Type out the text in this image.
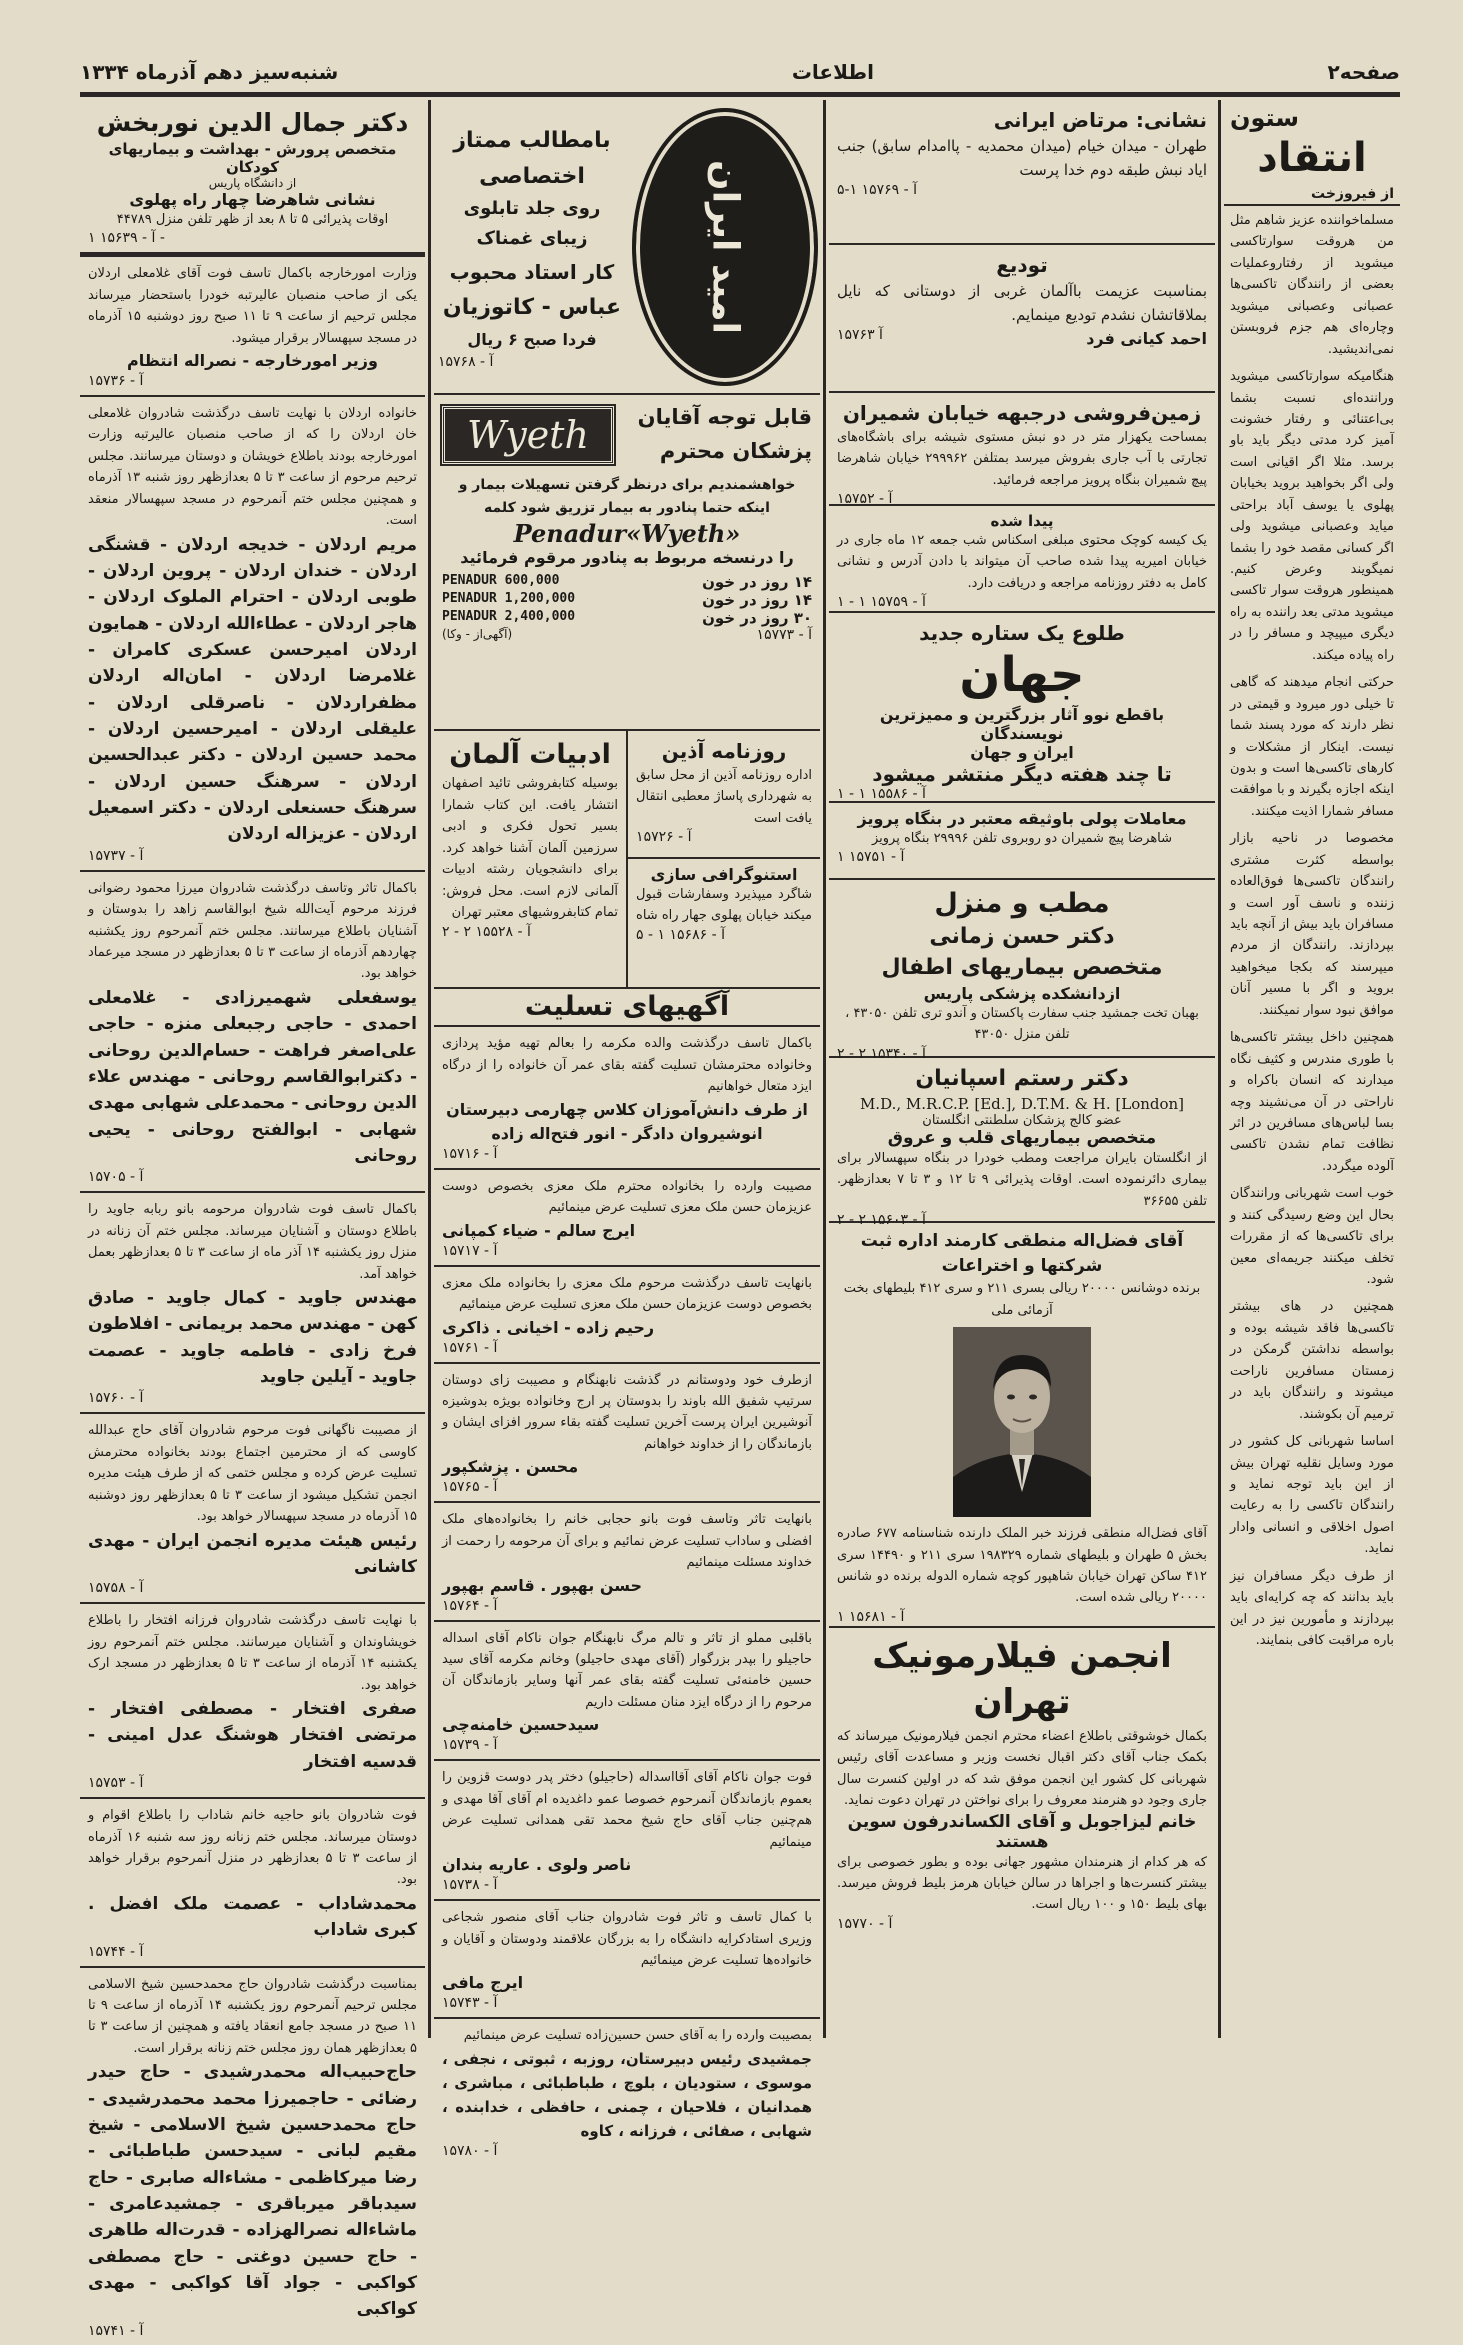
صفحه۲
اطلاعات
شنبه‌سیز دهم آذرماه ۱۳۳۴
ستون
انتقاد
از فیروزخت

مسلماخواننده عزیز شاهم مثل من هروقت سوارتاکسی میشوید از رفتاروعملیات بعضی از رانندگان تاکسی‌ها عصبانی وعصبانی میشوید وچاره‌ای هم جزم فروبستن نمی‌اندیشید.

هنگامیکه سوارتاکسی میشوید وراننده‌ای نسبت بشما بی‌اعتنائی و رفتار خشونت آمیز کرد مدتی دیگر باید باو برسد. مثلا اگر اقیانی است ولی اگر بخواهید بروید بخیابان پهلوی یا یوسف آباد براحتی میاید وعصبانی میشوید ولی اگر کسانی مقصد خود را بشما نمیگویند وعرض کنیم. همینطور هروقت سوار تاکسی میشوید مدتی بعد راننده به راه دیگری میپیچد و مسافر را در راه پیاده میکند.

حرکتی انجام میدهند که گاهی تا خیلی دور میرود و قیمتی در نظر دارند که مورد پسند شما نیست. اینکار از مشکلات و کارهای تاکسی‌ها است و بدون اینکه اجازه بگیرند و با موافقت مسافر شمارا اذیت میکنند.

مخصوصا در ناحیه بازار بواسطه کثرت مشتری رانندگان تاکسی‌ها فوق‌العاده زننده و ناسف آور است و مسافران باید بیش از آنچه باید بپردازند. رانندگان از مردم میپرسند که بکجا میخواهید بروید و اگر با مسیر آنان موافق نبود سوار نمیکنند.

همچنین داخل بیشتر تاکسی‌ها با طوری مندرس و کثیف نگاه میدارند که انسان باکراه و ناراحتی در آن می‌نشیند وچه بسا لباس‌های مسافرین در اثر نظافت تمام نشدن تاکسی آلوده میگردد.

خوب است شهربانی ورانندگان بحال این وضع رسیدگی کنند و برای تاکسی‌ها که از مقررات تخلف میکنند جریمه‌ای معین شود.

همچنین در های بیشتر تاکسی‌ها فاقد شیشه بوده و بواسطه نداشتن گرمکن در زمستان مسافرین ناراحت میشوند و رانندگان باید در ترمیم آن بکوشند.

اساسا شهربانی کل کشور در مورد وسایل نقلیه تهران بیش از این باید توجه نماید و رانندگان تاکسی را به رعایت اصول اخلاقی و انسانی وادار نماید.

از طرف دیگر مسافران نیز باید بدانند که چه کرایه‌ای باید بپردازند و مأمورین نیز در این باره مراقبت کافی بنمایند.

نشانی: مرتاض ایرانی
طهران - میدان خیام (میدان محمدیه - پاامدام سابق) جنب ایاد نبش طبقه دوم خدا پرست
آ - ۱۵۷۶۹ ۱-۵
تودیع
بمناسبت عزیمت باآلمان غربی از دوستانی که نایل بملاقاتشان نشدم تودیع مینمایم.
احمد کیانی فرد
آ ۱۵۷۶۳
زمین‌فروشی درجبهه خیابان شمیران
بمساحت یکهزار متر در دو نبش مستوی شیشه برای باشگاه‌های تجارتی با آب جاری بفروش میرسد بمتلفن ۲۹۹۹۶۲ خیابان شاهرضا پیچ شمیران بنگاه پرویز مراجعه فرمائید.
آ - ۱۵۷۵۲
پیدا شده
یک کیسه کوچک محتوی مبلغی اسکناس شب جمعه ۱۲ ماه جاری در خیابان امیریه پیدا شده صاحب آن میتواند با دادن آدرس و نشانی کامل به دفتر روزنامه مراجعه و دریافت دارد.
آ - ۱۵۷۵۹ ۱ - ۱
طلوع یک ستاره جدید
جهان
باقطع نوو آثار بزرگترین و ممیزترین نویسندگان
ایران و جهان
تا چند هفته دیگر منتشر میشود
آ - ۱۵۵۸۶ ۱ - ۱
معاملات پولی باوثیقه معتبر در بنگاه پرویز
شاهرضا پیچ شمیران دو روبروی تلفن ۲۹۹۹۶ بنگاه پرویز
آ - ۱۵۷۵۱ ۱
مطب و منزل
دکتر حسن زمانی
متخصص بیماریهای اطفال
ازدانشکده پزشکی پاریس
بهبان تخت جمشید جنب سفارت پاکستان و آندو تری تلفن ۴۳۰۵۰ ، تلفن منزل ۴۳۰۵۰
آ - ۱۵۳۴۰ ۲ - ۲
دکتر رستم اسپانیان
M.D., M.R.C.P. [Ed.], D.T.M. & H. [London]
عضو کالج پزشکان سلطنتی انگلستان
متخصص بیماریهای قلب و عروق
از انگلستان بایران مراجعت ومطب خودرا در بنگاه سپهسالار برای بیماری دائرنموده است. اوقات پذیرائی ۹ تا ۱۲ و ۳ تا ۷ بعدازظهر. تلفن ۳۶۶۵۵
آ - ۱۵۶۰۳ ۲ - ۲
آقای فضل‌اله منطقی کارمند اداره ثبت شرکتها و اختراعات
برنده دوشانس ۲۰۰۰۰ ریالی بسری ۲۱۱ و سری ۴۱۲ بلیطهای بخت آزمائی ملی
آقای فضل‌اله منطقی فرزند خبر الملک دارنده شناسنامه ۶۷۷ صادره بخش ۵ طهران و بلیطهای شماره ۱۹۸۳۲۹ سری ۲۱۱ و ۱۴۴۹۰ سری ۴۱۲ ساکن تهران خیابان شاهپور کوچه شماره الدوله برنده دو شانس ۲۰۰۰۰ ریالی شده است.
آ - ۱۵۶۸۱ ۱
انجمن فیلارمونیک تهران
بکمال خوشوقتی باطلاع اعضاء محترم انجمن فیلارمونیک میرساند که بکمک جناب آقای دکتر اقبال نخست وزیر و مساعدت آقای رئیس شهربانی کل کشور این انجمن موفق شد که در اولین کنسرت سال جاری وجود دو هنرمند معروف را برای نواختن در تهران دعوت نماید.
خانم لیزاجوبل و آقای الکساندرفون سوین هستند
که هر کدام از هنرمندان مشهور جهانی بوده و بطور خصوصی برای بیشتر کنسرت‌ها و اجراها در سالن خیابان هرمز بلیط فروش میرسد. بهای بلیط ۱۵۰ و ۱۰۰ ریال است.
آ - ۱۵۷۷۰
امید ایران
بامطالب ممتاز اختصاصی
روی جلد تابلوی زیبای غمناک
کار استاد محبوب
عباس - کاتوزیان
فردا صبح ۶ ریال
آ - ۱۵۷۶۸
قابل توجه آقایان
پزشکان محترم
Wyeth
خواهشمندیم برای درنظر گرفتن تسهیلات بیمار و اینکه حتما پنادور به بیمار تزریق شود کلمه
Penadur«Wyeth»
را درنسخه مربوط به پنادور مرقوم فرمائید
۱۴ روز در خون
PENADUR 600,000
۱۴ روز در خون
PENADUR 1,200,000
۳۰ روز در خون
PENADUR 2,400,000
آ - ۱۵۷۷۳
(آگهی‌از - وکا)
روزنامه آذین
اداره روزنامه آذین از محل سابق به شهرداری پاساژ معطبی انتقال یافت است
آ - ۱۵۷۲۶
استنوگرافی سازی
شاگرد میپذیرد وسفارشات قبول میکند خیابان پهلوی جهار راه شاه
آ - ۱۵۶۸۶ ۱ - ۵
ادبیات آلمان
بوسیله کتابفروشی تائید اصفهان انتشار یافت. این کتاب شمارا بسیر تحول فکری و ادبی سرزمین آلمان آشنا خواهد کرد. برای دانشجویان رشته ادبیات آلمانی لازم است. محل فروش: تمام کتابفروشیهای معتبر تهران
آ - ۱۵۵۲۸ ۲ - ۲
آگهیهای تسلیت
باکمال تاسف درگذشت والده مکرمه را بعالم تهیه مؤید پردازی وخانواده محترمشان تسلیت گفته بقای عمر آن خانواده را از درگاه ایزد متعال خواهانیم
از طرف دانش‌آموزان کلاس چهارمی دبیرستان انوشیروان دادگر - انور فتح‌اله زاده
آ - ۱۵۷۱۶
مصیبت وارده را بخانواده محترم ملک معزی بخصوص دوست عزیزمان حسن ملک معزی تسلیت عرض مینمائیم
ایرج سالم - ضیاء کمپانی
آ - ۱۵۷۱۷
بانهایت تاسف درگذشت مرحوم ملک معزی را بخانواده ملک معزی بخصوص دوست عزیزمان حسن ملک معزی تسلیت عرض مینمائیم
رحیم زاده - اخیانی . ذاکری
آ - ۱۵۷۶۱
ازطرف خود ودوستانم در گذشت نابهنگام و مصیبت زای دوستان سرتیپ شفیق الله باوند را بدوستان پر ارج وخانواده بویژه بدوشیزه آنوشیرین ایران پرست آخرین تسلیت گفته بقاء سرور افزای ایشان و بازماندگان را از خداوند خواهانم
محسن . پزشکپور
آ - ۱۵۷۶۵
بانهایت تاثر وتاسف فوت بانو حجابی خانم را بخانواده‌های ملک افضلی و ساداب تسلیت عرض نمائیم و برای آن مرحومه را رحمت از خداوند مسئلت مینمائیم
حسن بهپور . قاسم بهپور
آ - ۱۵۷۶۴
باقلبی مملو از تاثر و تالم مرگ نابهنگام جوان ناکام آقای اسداله حاجیلو را بپدر بزرگوار (آقای مهدی حاجیلو) وخانم مکرمه آقای سید حسین خامنه‌ئی تسلیت گفته بقای عمر آنها وسایر بازماندگان آن مرحوم را از درگاه ایزد منان مسئلت داریم
سیدحسین خامنه‌چی
آ - ۱۵۷۳۹
فوت جوان ناکام آقای آقااسداله (حاجیلو) دختر پدر دوست قزوین را بعموم بازماندگان آنمرحوم خصوصا عمو داغدیده ام آقای آقا مهدی و هم‌چنین جناب آقای حاج شیخ محمد تقی همدانی تسلیت عرض مینمائیم
ناصر ولوی . عاریه بندان
آ - ۱۵۷۳۸
با کمال تاسف و تاثر فوت شادروان جناب آقای منصور شجاعی وزیری استادکرایه دانشگاه را به بزرگان علاقمند ودوستان و آقایان و خانواده‌ها تسلیت عرض مینمائیم
ایرج مافی
آ - ۱۵۷۴۳
بمصیبت وارده را به آقای حسن حسین‌زاده تسلیت عرض مینمائیم
جمشیدی رئیس دبیرستان، روزبه ، ثبوتی ، نجفی ، موسوی ، ستودیان ، بلوچ ، طباطبائی ، مباشری ، همدانیان ، فلاحیان ، چمنی ، حافظی ، خدابنده ، شهابی ، صفائی ، فرزانه ، کاوه
آ - ۱۵۷۸۰
دکتر جمال الدین نوربخش
متخصص پرورش - بهداشت و بیماریهای کودکان
از دانشگاه پاریس
نشانی شاهرضا چهار راه پهلوی
اوقات پذیرائی ۵ تا ۸ بعد از ظهر تلفن منزل ۴۴۷۸۹
آ - ۱۵۶۳۹ ۱ -
وزارت امورخارجه باکمال تاسف فوت آقای غلامعلی اردلان یکی از صاحب منصبان عالیرتبه خودرا باستحضار میرساند مجلس ترحیم از ساعت ۹ تا ۱۱ صبح روز دوشنبه ۱۵ آذرماه در مسجد سپهسالار برقرار میشود.
وزیر امورخارجه - نصراله انتظام
آ - ۱۵۷۳۶
خانواده اردلان با نهایت تاسف درگذشت شادروان غلامعلی خان اردلان را که از صاحب منصبان عالیرتبه وزارت امورخارجه بودند باطلاع خویشان و دوستان میرسانند. مجلس ترحیم مرحوم از ساعت ۳ تا ۵ بعدازظهر روز شنبه ۱۳ آذرماه و همچنین مجلس ختم آنمرحوم در مسجد سپهسالار منعقد است.
مریم اردلان - خدیجه اردلان - قشنگی اردلان - خندان اردلان - پروین اردلان - طوبی اردلان - احترام الملوک اردلان - هاجر اردلان - عطاءالله اردلان - همایون اردلان امیرحسن عسکری کامران - غلامرضا اردلان - امان‌اله اردلان مظفراردلان - ناصرقلی اردلان - علیقلی اردلان - امیرحسین اردلان - محمد حسین اردلان - دکتر عبدالحسین اردلان - سرهنگ حسین اردلان - سرهنگ حسنعلی اردلان - دکتر اسمعیل اردلان - عزیزاله اردلان
آ - ۱۵۷۳۷
باکمال تاثر وتاسف درگذشت شادروان میرزا محمود رضوانی فرزند مرحوم آیت‌الله شیخ ابوالقاسم زاهد را بدوستان و آشنایان باطلاع میرسانند. مجلس ختم آنمرحوم روز یکشنبه چهاردهم آذرماه از ساعت ۳ تا ۵ بعدازظهر در مسجد میرعماد خواهد بود.
یوسفعلی شهمیرزادی - غلامعلی احمدی - حاجی رجبعلی منزه - حاجی علی‌اصغر فراهت - حسام‌الدین روحانی - دکترابوالقاسم روحانی - مهندس علاء الدین روحانی - محمدعلی شهابی مهدی شهابی - ابوالفتح روحانی - یحیی روحانی
آ - ۱۵۷۰۵
باکمال تاسف فوت شادروان مرحومه بانو ربابه جاوید را باطلاع دوستان و آشنایان میرساند. مجلس ختم آن زنانه در منزل روز یکشنبه ۱۴ آذر ماه از ساعت ۳ تا ۵ بعدازظهر بعمل خواهد آمد.
مهندس جاوید - کمال جاوید - صادق کهن - مهندس محمد بریمانی - افلاطون فرخ زادی - فاطمه جاوید - عصمت جاوید - آیلین جاوید
آ - ۱۵۷۶۰
از مصیبت ناگهانی فوت مرحوم شادروان آقای حاج عبدالله کاوسی که از محترمین اجتماع بودند بخانواده محترمش تسلیت عرض کرده و مجلس ختمی که از طرف هیئت مدیره انجمن تشکیل میشود از ساعت ۳ تا ۵ بعدازظهر روز دوشنبه ۱۵ آذرماه در مسجد سپهسالار خواهد بود.
رئیس هیئت مدیره انجمن ایران - مهدی کاشانی
آ - ۱۵۷۵۸
با نهایت تاسف درگذشت شادروان فرزانه افتخار را باطلاع خویشاوندان و آشنایان میرسانند. مجلس ختم آنمرحوم روز یکشنبه ۱۴ آذرماه از ساعت ۳ تا ۵ بعدازظهر در مسجد ارک خواهد بود.
صفری افتخار - مصطفی افتخار - مرتضی افتخار هوشنگ عدل امینی - قدسیه افتخار
آ - ۱۵۷۵۳
فوت شادروان بانو حاجیه خانم شاداب را باطلاع اقوام و دوستان میرساند. مجلس ختم زنانه روز سه شنبه ۱۶ آذرماه از ساعت ۳ تا ۵ بعدازظهر در منزل آنمرحوم برقرار خواهد بود.
محمدشاداب - عصمت ملک افضل . کبری شاداب
آ - ۱۵۷۴۴
بمناسبت درگذشت شادروان حاج محمدحسین شیخ الاسلامی مجلس ترحیم آنمرحوم روز یکشنبه ۱۴ آذرماه از ساعت ۹ تا ۱۱ صبح در مسجد جامع انعقاد یافته و همچنین از ساعت ۳ تا ۵ بعدازظهر همان روز مجلس ختم زنانه برقرار است.
حاج‌حبیب‌اله محمدرشیدی - حاج حیدر رضائی - حاجمیرزا محمد محمدرشیدی - حاج محمدحسین شیخ الاسلامی - شیخ مقیم لبانی - سیدحسن طباطبائی - رضا میرکاظمی - مشاءاله صابری - حاج سیدباقر میرباقری - جمشیدعامری - ماشاءاله نصرالهزاده - قدرت‌اله طاهری - حاج حسین دوغتی - حاج مصطفی کواکبی - جواد آقا کواکبی - مهدی کواکبی
آ - ۱۵۷۴۱
